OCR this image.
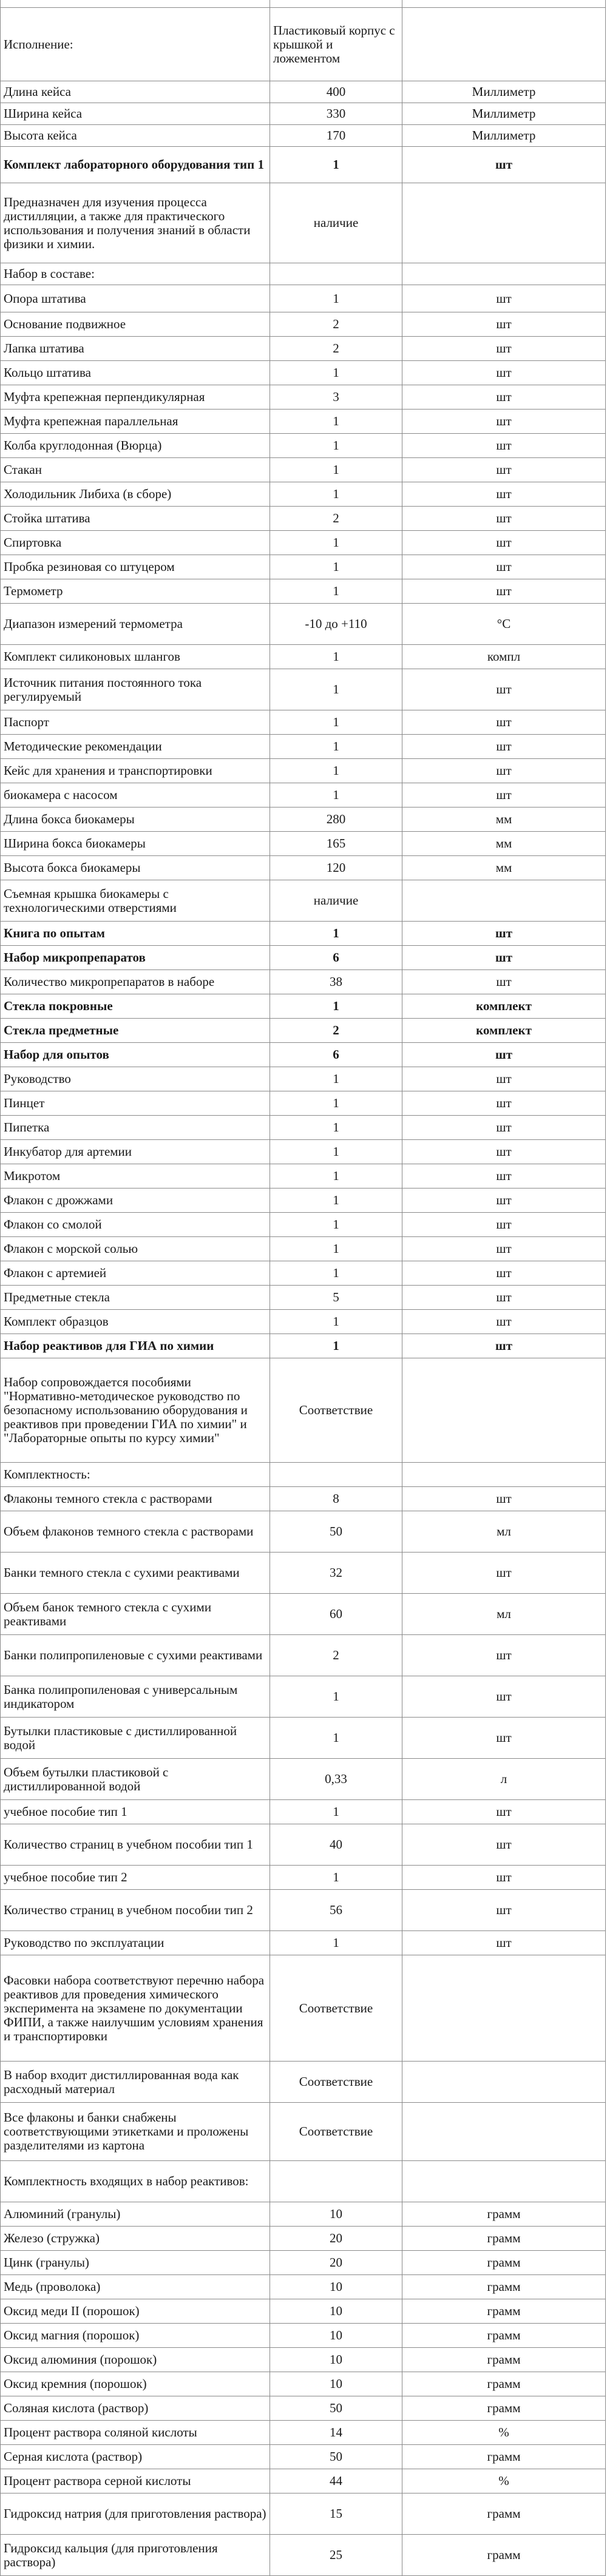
Исполнение:	Пластиковый корпус с крышкой и ложементом	
Длина кейса	400	Миллиметр
Ширина кейса	330	Миллиметр
Высота кейса	170	Миллиметр
Комплект лабораторного оборудования тип 1	1	шт
Предназначен для изучения процесса дистилляции, а также для практического использования и получения знаний в области физики и химии.	наличие	
Набор в составе:		
Опора штатива	1	шт
Основание подвижное	2	шт
Лапка штатива	2	шт
Кольцо штатива	1	шт
Муфта крепежная перпендикулярная	3	шт
Муфта крепежная параллельная	1	шт
Колба круглодонная (Вюрца)	1	шт
Стакан	1	шт
Холодильник Либиха (в сборе)	1	шт
Стойка штатива	2	шт
Спиртовка	1	шт
Пробка резиновая со штуцером	1	шт
Термометр	1	шт
Диапазон измерений термометра	-10 до +110	°C
Комплект силиконовых шлангов	1	компл
Источник питания постоянного тока регулируемый	1	шт
Паспорт	1	шт
Методические рекомендации	1	шт
Кейс для хранения и транспортировки	1	шт
биокамера с насосом	1	шт
Длина бокса биокамеры	280	мм
Ширина бокса биокамеры	165	мм
Высота бокса биокамеры	120	мм
Съемная крышка биокамеры с технологическими отверстиями	наличие	
Книга по опытам	1	шт
Набор микропрепаратов	6	шт
Количество микропрепаратов в наборе	38	шт
Стекла покровные	1	комплект
Стекла предметные	2	комплект
Набор для опытов	6	шт
Руководство	1	шт
Пинцет	1	шт
Пипетка	1	шт
Инкубатор для артемии	1	шт
Микротом	1	шт
Флакон с дрожжами	1	шт
Флакон со смолой	1	шт
Флакон с морской солью	1	шт
Флакон с артемией	1	шт
Предметные стекла	5	шт
Комплект образцов	1	шт
Набор реактивов для ГИА по химии	1	шт
Набор сопровождается пособиями "Нормативно-методическое руководство по безопасному использованию оборудования и реактивов при проведении ГИА по химии" и "Лабораторные опыты по курсу химии"	Соответствие	
Комплектность:		
Флаконы темного стекла с растворами	8	шт
Объем флаконов темного стекла с растворами	50	мл
Банки темного стекла с сухими реактивами	32	шт
Объем банок темного стекла с сухими реактивами	60	мл
Банки полипропиленовые с сухими реактивами	2	шт
Банка полипропиленовая с универсальным индикатором	1	шт
Бутылки пластиковые с дистиллированной водой	1	шт
Объем бутылки пластиковой с дистиллированной водой	0,33	л
учебное пособие тип 1	1	шт
Количество страниц в учебном пособии тип 1	40	шт
учебное пособие тип 2	1	шт
Количество страниц в учебном пособии тип 2	56	шт
Руководство по эксплуатации	1	шт
Фасовки набора соответствуют перечню набора реактивов для проведения химического эксперимента на экзамене по документации ФИПИ, а также наилучшим условиям хранения и транспортировки	Соответствие	
В набор входит дистиллированная вода как расходный материал	Соответствие	
Все флаконы и банки снабжены соответствующими этикетками и проложены разделителями из картона	Соответствие	
Комплектность входящих в набор реактивов:		
Алюминий (гранулы)	10	грамм
Железо (стружка)	20	грамм
Цинк (гранулы)	20	грамм
Медь (проволока)	10	грамм
Оксид меди II (порошок)	10	грамм
Оксид магния (порошок)	10	грамм
Оксид алюминия (порошок)	10	грамм
Оксид кремния (порошок)	10	грамм
Соляная кислота (раствор)	50	грамм
Процент раствора соляной кислоты	14	%
Серная кислота (раствор)	50	грамм
Процент раствора серной кислоты	44	%
Гидроксид натрия (для приготовления раствора)	15	грамм
Гидроксид кальция (для приготовления раствора)	25	грамм
